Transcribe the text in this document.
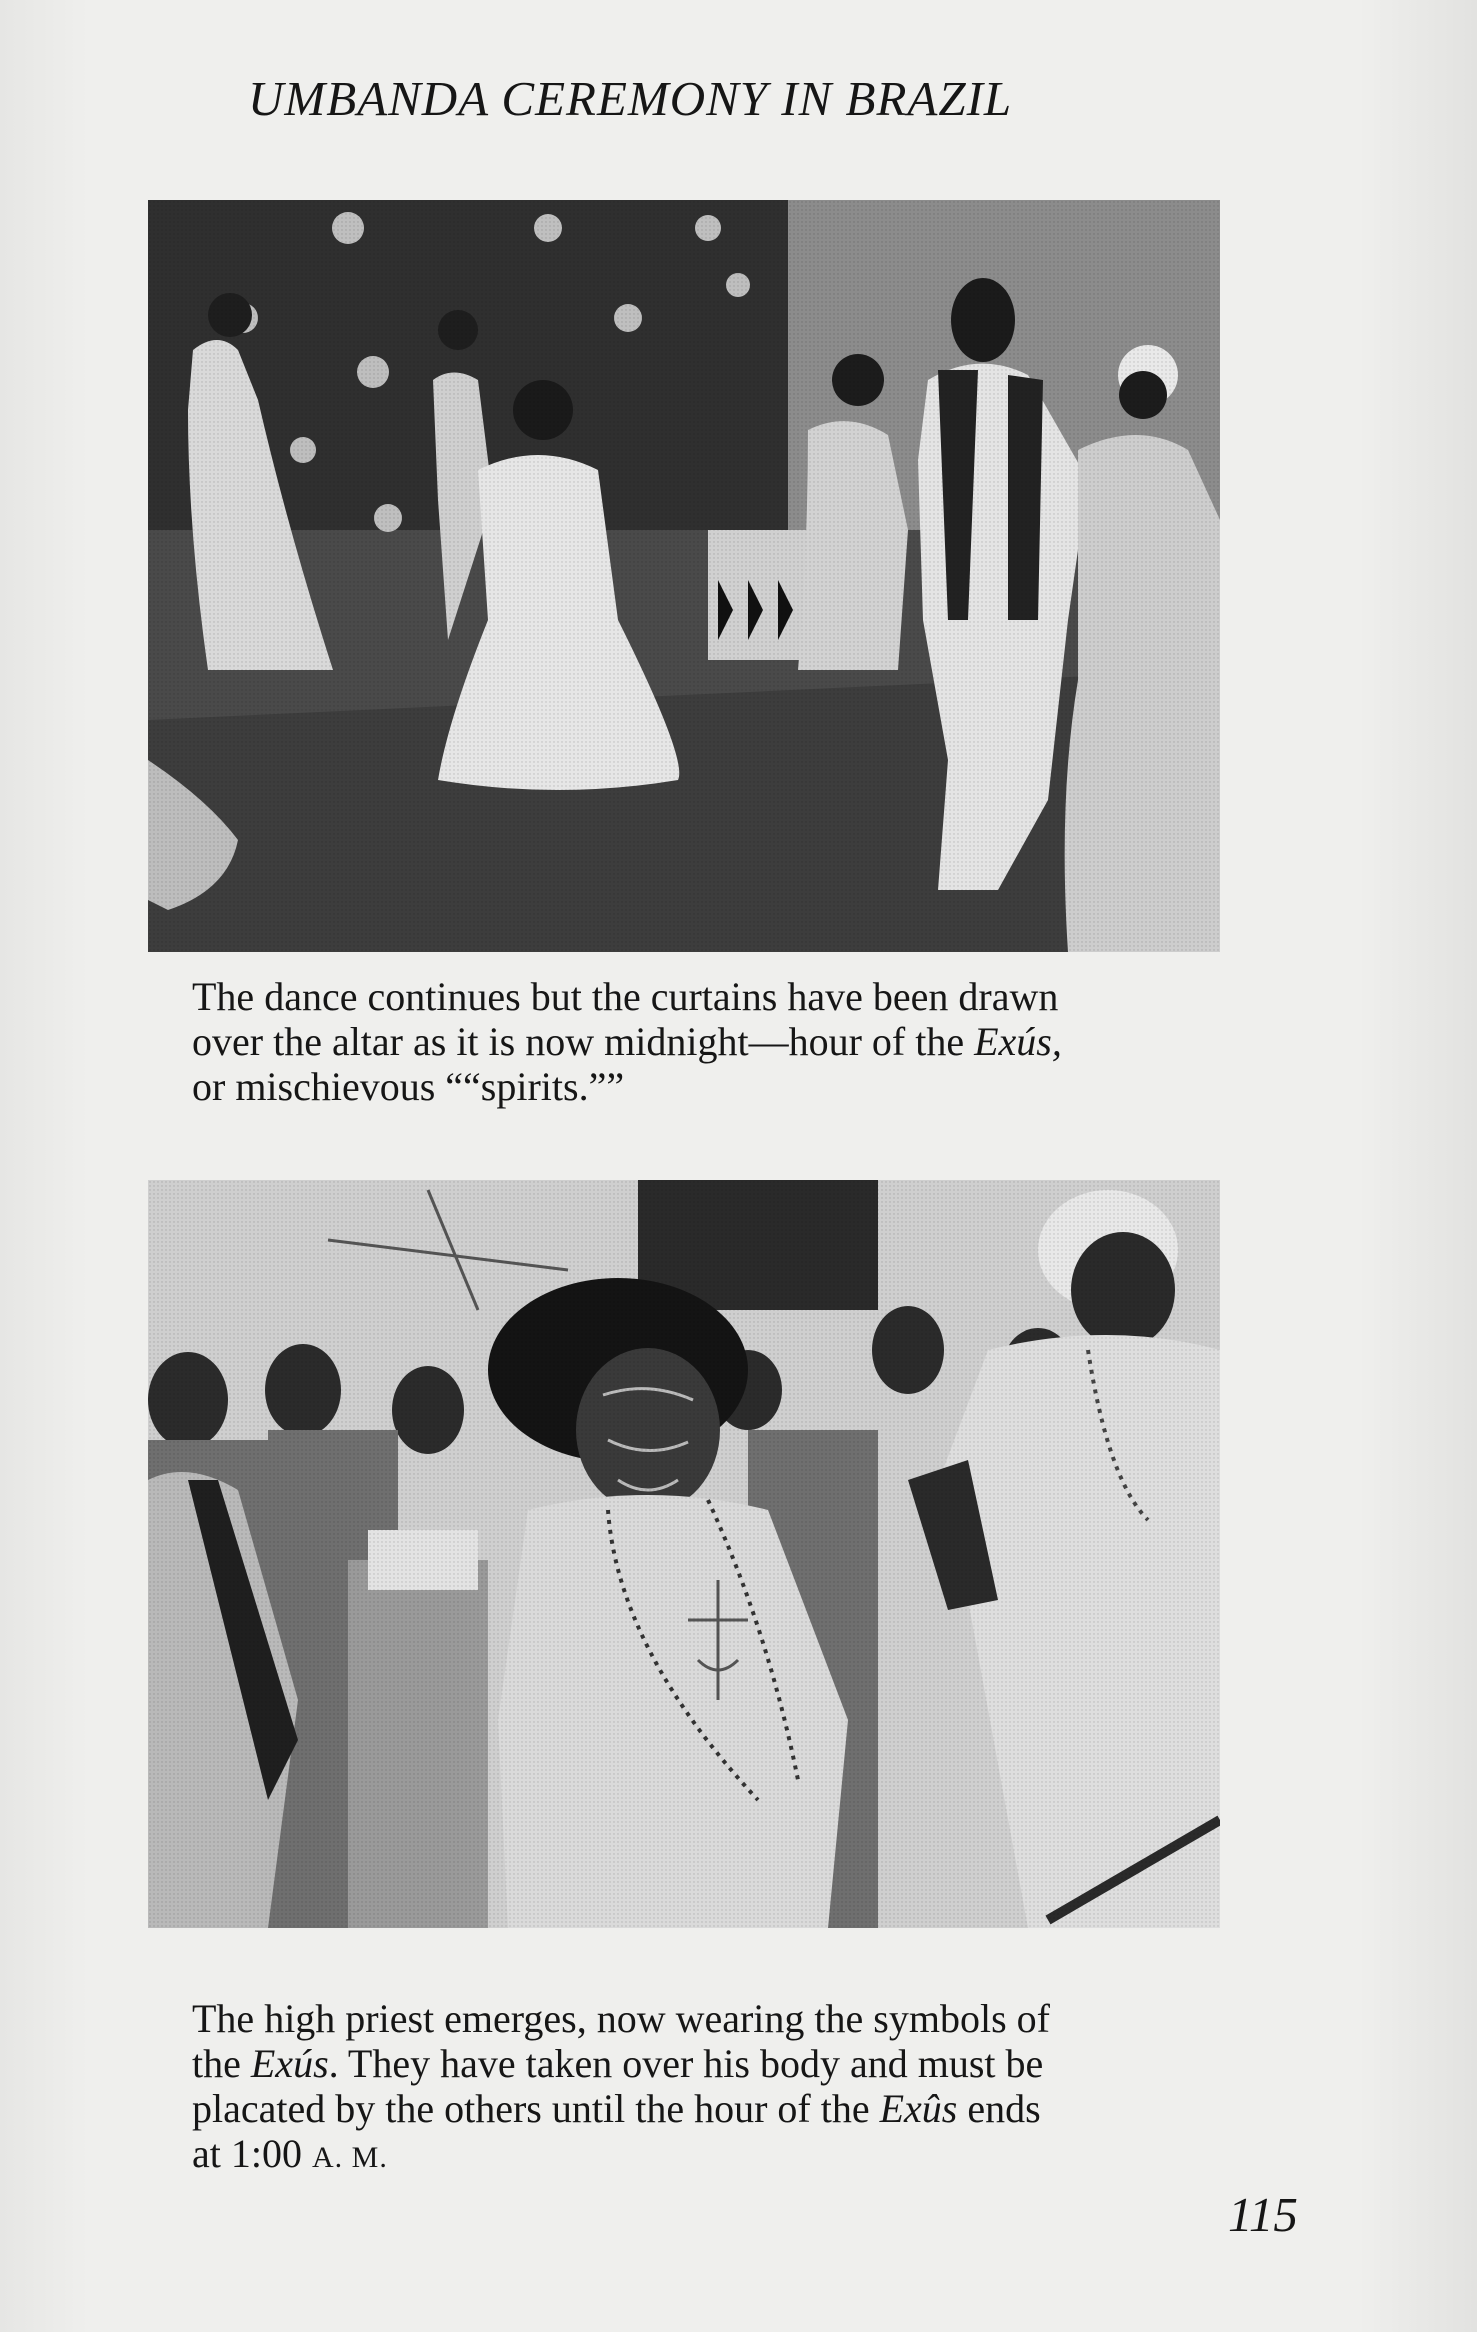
UMBANDA CEREMONY IN BRAZIL
The dance continues but the curtains have been drawn
over the altar as it is now midnight—hour of the Exús,
or mischievous ““spirits.””
The high priest emerges, now wearing the symbols of
the Exús. They have taken over his body and must be
placated by the others until the hour of the Exûs ends
at 1:00 A. M.
115
